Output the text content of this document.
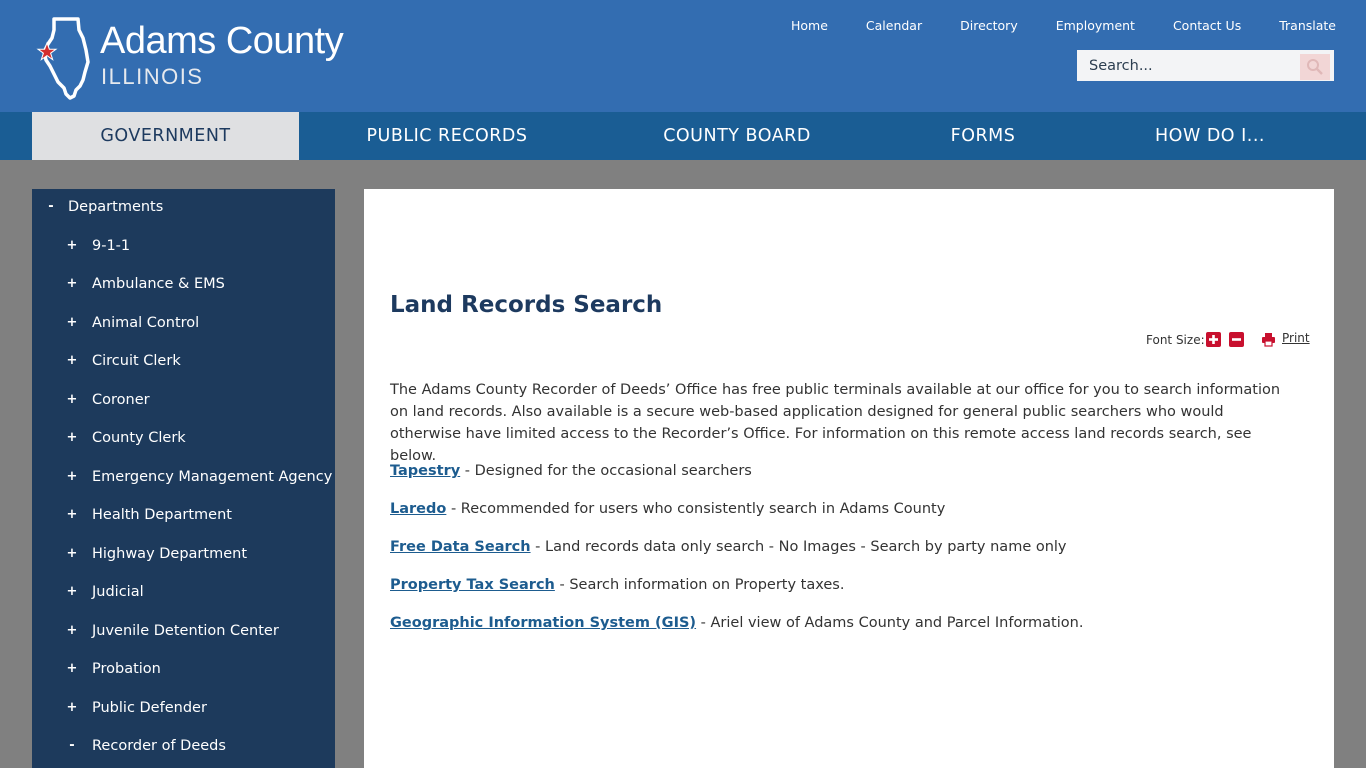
Adams County
ILLINOIS
Home	Calendar	Directory	Employment	Contact Us	Translate
Search...
GOVERNMENT	PUBLIC RECORDS	COUNTY BOARD	FORMS	HOW DO I...
- Departments
+ 9-1-1
+ Ambulance & EMS
+ Animal Control
+ Circuit Clerk
+ Coroner
+ County Clerk
+ Emergency Management Agency
+ Health Department
+ Highway Department
+ Judicial
+ Juvenile Detention Center
+ Probation
+ Public Defender
- Recorder of Deeds
Land Records Search
Font Size:	Print

The Adams County Recorder of Deeds’ Office has free public terminals available at our office for you to search information on land records. Also available is a secure web-based application designed for general public searchers who would otherwise have limited access to the Recorder’s Office. For information on this remote access land records search, see below.

Tapestry - Designed for the occasional searchers
Laredo - Recommended for users who consistently search in Adams County
Free Data Search - Land records data only search - No Images - Search by party name only
Property Tax Search - Search information on Property taxes.
Geographic Information System (GIS) - Ariel view of Adams County and Parcel Information.
